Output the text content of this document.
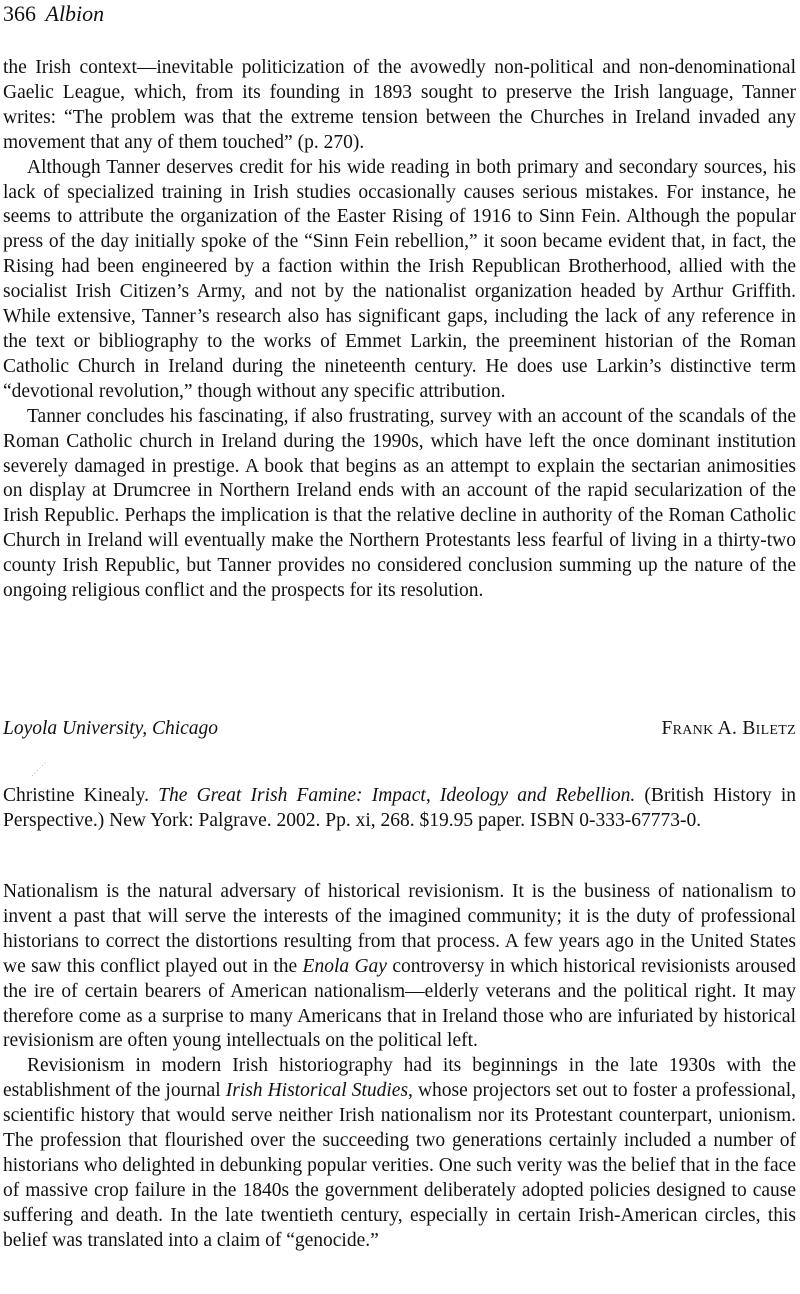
366 Albion

the Irish context—inevitable politicization of the avowedly non-political and non-denominational Gaelic League, which, from its founding in 1893 sought to preserve the Irish language, Tanner writes: “The problem was that the extreme tension between the Churches in Ireland invaded any movement that any of them touched” (p. 270).

Although Tanner deserves credit for his wide reading in both primary and secondary sources, his lack of specialized training in Irish studies occasionally causes serious mistakes. For instance, he seems to attribute the organization of the Easter Rising of 1916 to Sinn Fein. Although the popular press of the day initially spoke of the “Sinn Fein rebellion,” it soon became evident that, in fact, the Rising had been engineered by a faction within the Irish Republican Brotherhood, allied with the socialist Irish Citizen’s Army, and not by the nationalist organization headed by Arthur Griffith. While extensive, Tanner’s research also has significant gaps, including the lack of any reference in the text or bibliography to the works of Emmet Larkin, the preeminent historian of the Roman Catholic Church in Ireland during the nineteenth century. He does use Larkin’s distinctive term “devotional revolution,” though without any specific attribution.

Tanner concludes his fascinating, if also frustrating, survey with an account of the scandals of the Roman Catholic church in Ireland during the 1990s, which have left the once dominant institution severely damaged in prestige. A book that begins as an attempt to explain the sectarian animosities on display at Drumcree in Northern Ireland ends with an account of the rapid secularization of the Irish Republic. Perhaps the implication is that the relative decline in authority of the Roman Catholic Church in Ireland will eventually make the Northern Protestants less fearful of living in a thirty-two county Irish Republic, but Tanner provides no considered conclusion summing up the nature of the ongoing religious conflict and the prospects for its resolution.

Loyola University, Chicago	Frank A. Biletz
Christine Kinealy. The Great Irish Famine: Impact, Ideology and Rebellion. (British History in Perspective.) New York: Palgrave. 2002. Pp. xi, 268. $19.95 paper. ISBN 0-333-67773-0.

Nationalism is the natural adversary of historical revisionism. It is the business of nationalism to invent a past that will serve the interests of the imagined community; it is the duty of professional historians to correct the distortions resulting from that process. A few years ago in the United States we saw this conflict played out in the Enola Gay controversy in which historical revisionists aroused the ire of certain bearers of American nationalism—elderly veterans and the political right. It may therefore come as a surprise to many Americans that in Ireland those who are infuriated by historical revisionism are often young intellectuals on the political left.

Revisionism in modern Irish historiography had its beginnings in the late 1930s with the establishment of the journal Irish Historical Studies, whose projectors set out to foster a professional, scientific history that would serve neither Irish nationalism nor its Protestant counterpart, unionism. The profession that flourished over the succeeding two generations certainly included a number of historians who delighted in debunking popular verities. One such verity was the belief that in the face of massive crop failure in the 1840s the government deliberately adopted policies designed to cause suffering and death. In the late twentieth century, especially in certain Irish-American circles, this belief was translated into a claim of “genocide.”
